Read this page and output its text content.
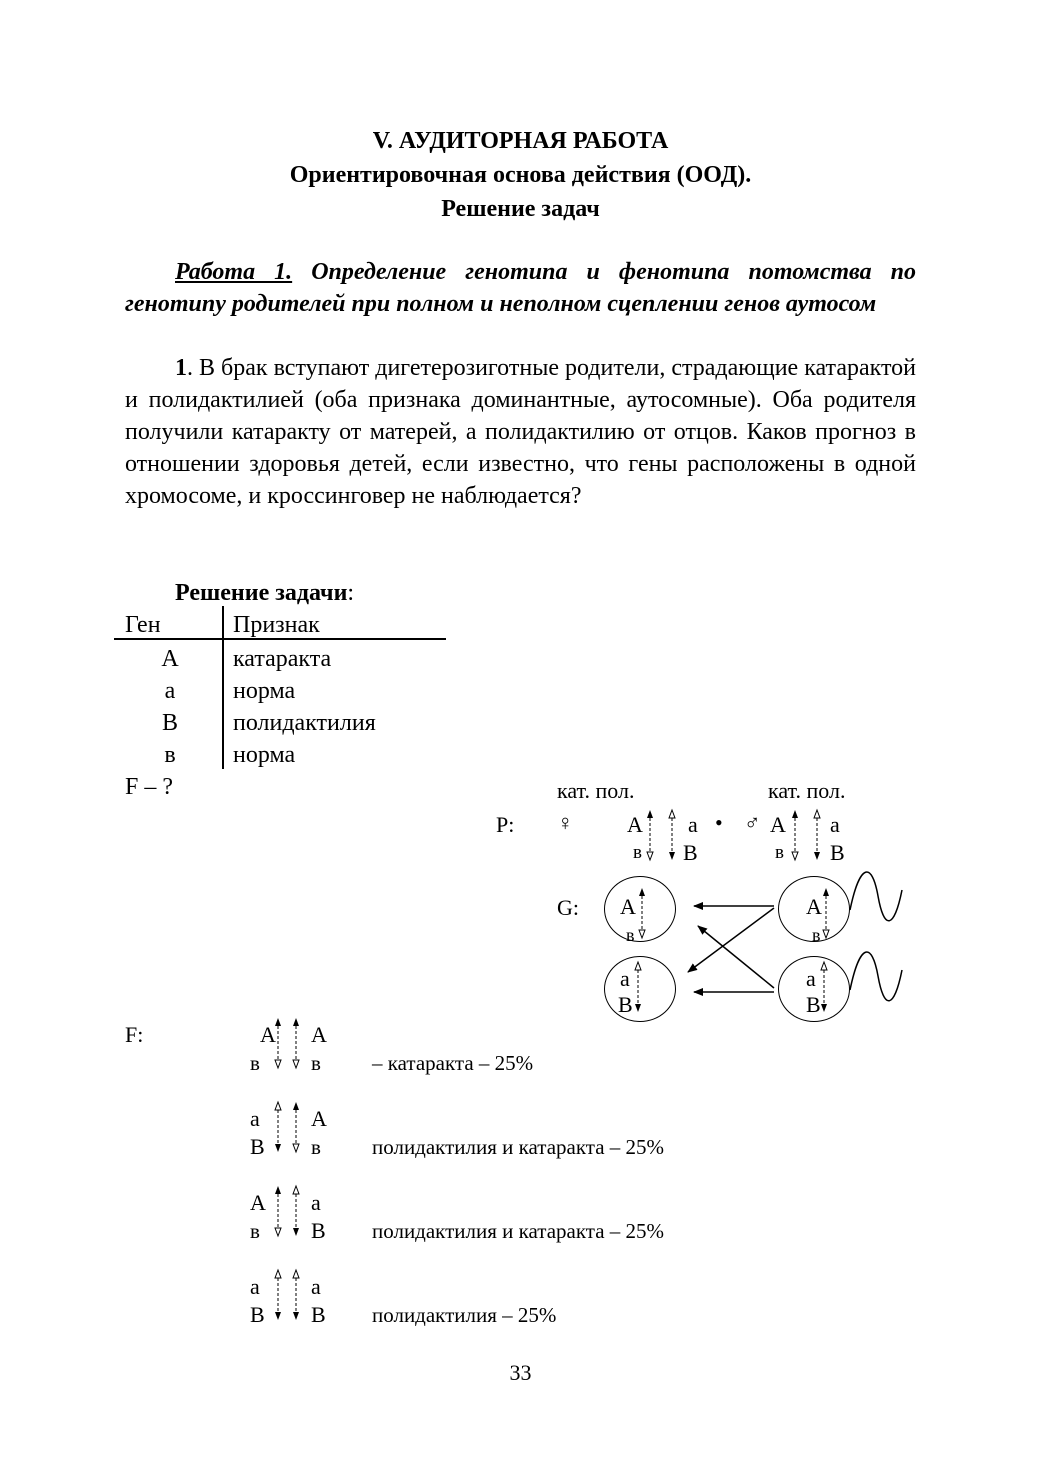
V. АУДИТОРНАЯ РАБОТА
Ориентировочная основа действия (ООД).
Решение задач
Работа 1. Определение генотипа и фенотипа потомства по генотипу родителей при полном и неполном сцеплении генов аутосом
1. В брак вступают дигетерозиготные родители, страдающие катарактой и полидактилией (оба признака доминантные, аутосомные). Оба родителя получили катаракту от матерей, а полидактилию от отцов. Каков прогноз в отношении здоровья детей, если известно, что гены расположены в одной хромосоме, и кроссинговер не наблюдается?
Решение задачи:
Ген	Признак
А	катаракта
а	норма
В	полидактилия
в	норма
F – ?	кат. пол.	кат. пол.
P: ♀ А а
в В
• ♂ А а
в В
G: А
в
А
в
а
В
а
В
F:	А А
в в – катаракта – 25%
а А
В в полидактилия и катаракта – 25%
А а
в В полидактилия и катаракта – 25%
а а
В В полидактилия – 25%
33
